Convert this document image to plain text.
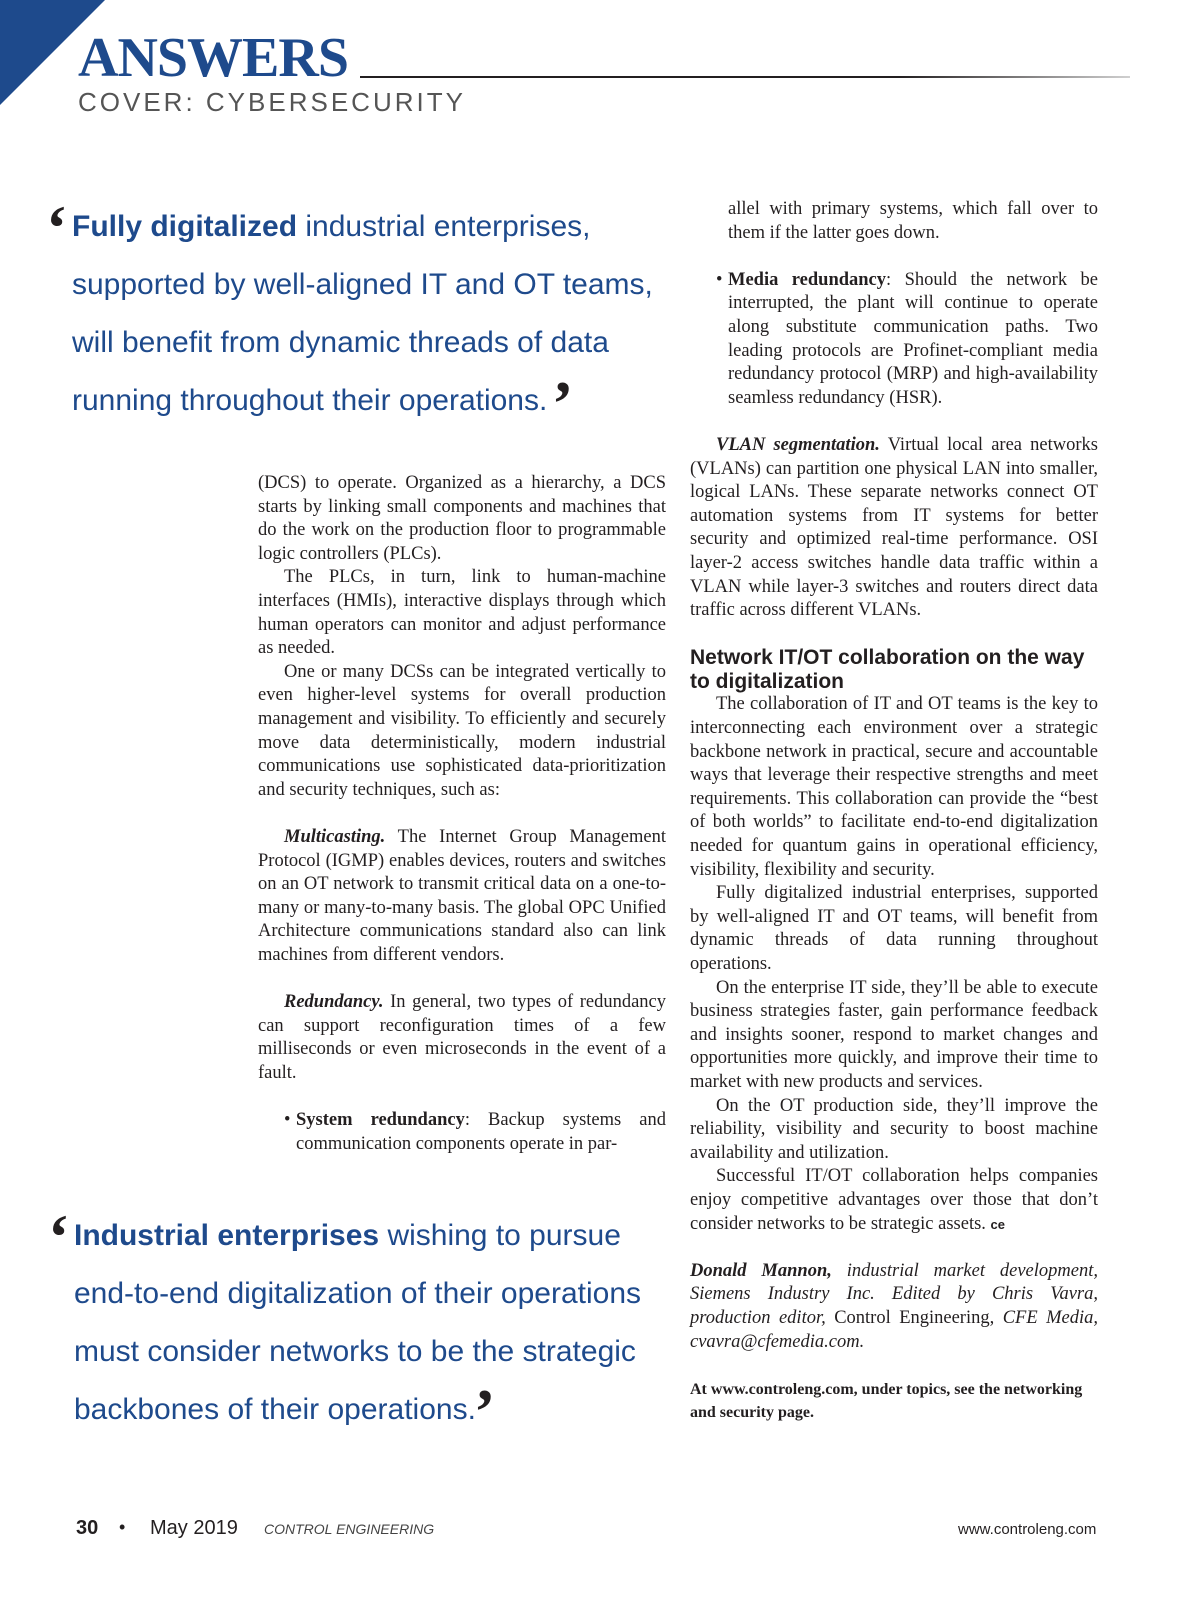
ANSWERS
COVER: CYBERSECURITY
‘ Fully digitalized industrial enterprises,
supported by well-aligned IT and OT teams,
will benefit from dynamic threads of data
running throughout their operations. ’
‘ Industrial enterprises wishing to pursue
end-to-end digitalization of their operations
must consider networks to be the strategic
backbones of their operations.
’

(DCS) to operate. Organized as a hierarchy, a DCS starts by linking small components and machines that do the work on the production floor to programmable logic controllers (PLCs).

The PLCs, in turn, link to human-machine interfaces (HMIs), interactive displays through which human operators can monitor and adjust performance as needed.

One or many DCSs can be integrated vertically to even higher-level systems for overall production management and visibility. To efficiently and securely move data deterministically, modern industrial communications use sophisticated data-prioritization and security techniques, such as:

Multicasting. The Internet Group Management Protocol (IGMP) enables devices, routers and switches on an OT network to transmit critical data on a one-to-many or many-to-many basis. The global OPC Unified Architecture communications standard also can link machines from different vendors.

Redundancy. In general, two types of redundancy can support reconfiguration times of a few milliseconds or even microseconds in the event of a fault.

• System redundancy: Backup systems and communication components operate in par-

allel with primary systems, which fall over to them if the latter goes down.

• Media redundancy: Should the network be interrupted, the plant will continue to operate along substitute communication paths. Two leading protocols are Profinet-compliant media redundancy protocol (MRP) and high-availability seamless redundancy (HSR).

VLAN segmentation. Virtual local area networks (VLANs) can partition one physical LAN into smaller, logical LANs. These separate networks connect OT automation systems from IT systems for better security and optimized real-time performance. OSI layer-2 access switches handle data traffic within a VLAN while layer-3 switches and routers direct data traffic across different VLANs.

Network IT/OT collaboration on the way to digitalization

The collaboration of IT and OT teams is the key to interconnecting each environment over a strategic backbone network in practical, secure and accountable ways that leverage their respective strengths and meet requirements. This collaboration can provide the “best of both worlds” to facilitate end-to-end digitalization needed for quantum gains in operational efficiency, visibility, flexibility and security.

Fully digitalized industrial enterprises, supported by well-aligned IT and OT teams, will benefit from dynamic threads of data running throughout operations.

On the enterprise IT side, they’ll be able to execute business strategies faster, gain performance feedback and insights sooner, respond to market changes and opportunities more quickly, and improve their time to market with new products and services.

On the OT production side, they’ll improve the reliability, visibility and security to boost machine availability and utilization.

Successful IT/OT collaboration helps companies enjoy competitive advantages over those that don’t consider networks to be strategic assets. ce

Donald Mannon, industrial market development, Siemens Industry Inc. Edited by Chris Vavra, production editor, Control Engineering, CFE Media, cvavra@cfemedia.com.

At www.controleng.com, under topics, see the networking and security page.

30 • May 2019 CONTROL ENGINEERING	www.controleng.com
